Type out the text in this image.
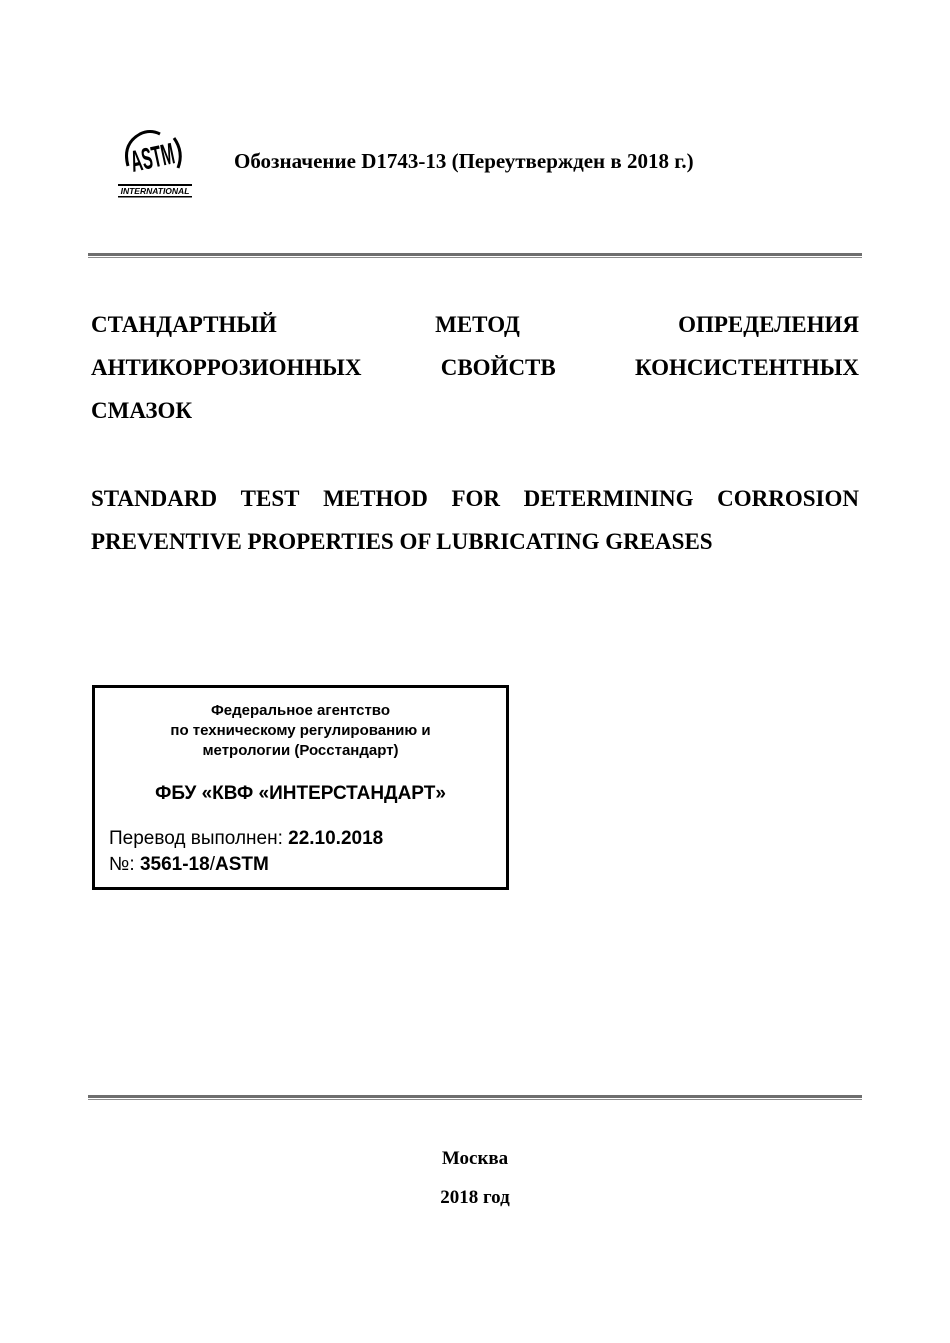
ASTM
INTERNATIONAL
Обозначение D1743-13 (Переутвержден в 2018 г.)
СТАНДАРТНЫЙ	МЕТОД	ОПРЕДЕЛЕНИЯ
АНТИКОРРОЗИОННЫХ	СВОЙСТВ	КОНСИСТЕНТНЫХ
СМАЗОК
STANDARD TEST METHOD FOR DETERMINING CORROSION
PREVENTIVE PROPERTIES OF LUBRICATING GREASES
Федеральное агентство
по техническому регулированию и
метрологии (Росстандарт)
ФБУ «КВФ «ИНТЕРСТАНДАРТ»
Перевод выполнен: 22.10.2018
№: 3561-18/ASTM
Москва
2018 год
